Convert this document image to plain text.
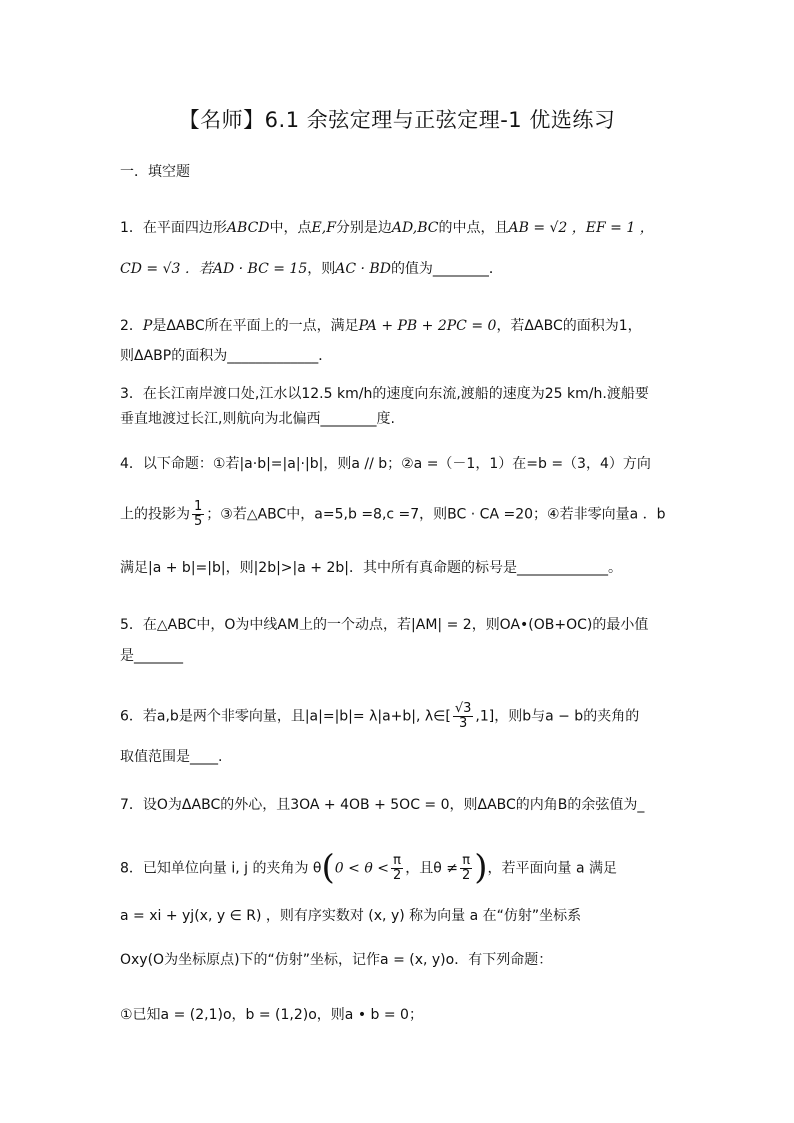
【名师】6.1 余弦定理与正弦定理-1 优选练习
一．填空题
1．在平面四边形ABCD中，点E,F分别是边AD,BC的中点，且AB = √2 ，EF = 1 ，
CD = √3 ．若AD · BC = 15，则AC · BD的值为________．
2．P是ΔABC所在平面上的一点，满足PA + PB + 2PC = 0，若ΔABC的面积为1，
则ΔABP的面积为_____________．
3．在长江南岸渡口处,江水以12.5 km/h的速度向东流,渡船的速度为25 km/h.渡船要
垂直地渡过长江,则航向为北偏西________度.
4．以下命题：①若|a·b|=|a|·|b|，则a // b；②a =（－1，1）在=b =（3，4）方向
上的投影为 $\frac{1}{5}$ ；③若△ABC中，a=5,b =8,c =7，则BC · CA =20；④若非零向量a ．b
满足|a + b|=|b|，则|2b|>|a + 2b|．其中所有真命题的标号是_____________。
5．在△ABC中，O为中线AM上的一个动点，若|AM| = 2，则OA•(OB+OC)的最小值
是_______
6．若a,b是两个非零向量，且|a|=|b|= λ|a+b|, λ∈[ $\frac{√3}{3} ,1$]，则b与a − b的夹角的
取值范围是____.
7．设O为ΔABC的外心，且3OA + 4OB + 5OC = 0，则ΔABC的内角B的余弦值为_
8．已知单位向量 i, j 的夹角为 $\theta(0 < \theta < \frac{\pi}{2}$ ，且$\theta \ne \frac{\pi}{2}$ )，若平面向量 a 满足
a = xi + yj(x, y ∈ R) ，则有序实数对 (x, y) 称为向量 a 在“仿射”坐标系
Oxy(O为坐标原点)下的“仿射”坐标，记作a = (x, y)o．有下列命题：
①已知a = (2,1)o，b = (1,2)o，则a • b = 0；
